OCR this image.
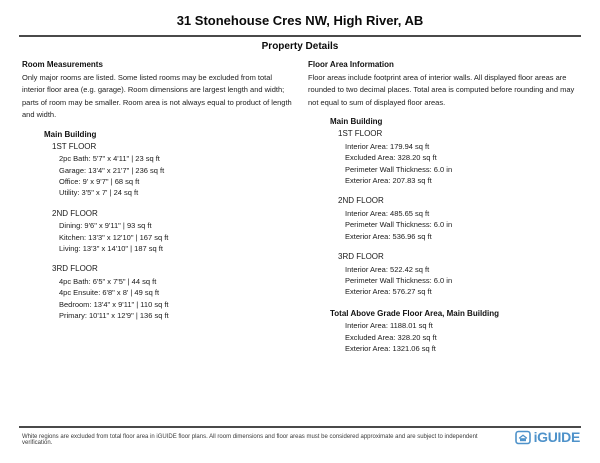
31 Stonehouse Cres NW, High River, AB
Property Details
Room Measurements
Only major rooms are listed. Some listed rooms may be excluded from total interior floor area (e.g. garage). Room dimensions are largest length and width; parts of room may be smaller. Room area is not always equal to product of length and width.
Main Building
1ST FLOOR
2pc Bath: 5'7" x 4'11" | 23 sq ft
Garage: 13'4" x 21'7" | 236 sq ft
Office: 9' x 9'7" | 68 sq ft
Utility: 3'5" x 7' | 24 sq ft
2ND FLOOR
Dining: 9'6" x 9'11" | 93 sq ft
Kitchen: 13'3" x 12'10" | 167 sq ft
Living: 13'3" x 14'10" | 187 sq ft
3RD FLOOR
4pc Bath: 6'5" x 7'5" | 44 sq ft
4pc Ensuite: 6'8" x 8' | 49 sq ft
Bedroom: 13'4" x 9'11" | 110 sq ft
Primary: 10'11" x 12'9" | 136 sq ft
Floor Area Information
Floor areas include footprint area of interior walls. All displayed floor areas are rounded to two decimal places. Total area is computed before rounding and may not equal to sum of displayed floor areas.
Main Building
1ST FLOOR
Interior Area: 179.94 sq ft
Excluded Area: 328.20 sq ft
Perimeter Wall Thickness: 6.0 in
Exterior Area: 207.83 sq ft
2ND FLOOR
Interior Area: 485.65 sq ft
Perimeter Wall Thickness: 6.0 in
Exterior Area: 536.96 sq ft
3RD FLOOR
Interior Area: 522.42 sq ft
Perimeter Wall Thickness: 6.0 in
Exterior Area: 576.27 sq ft
Total Above Grade Floor Area, Main Building
Interior Area: 1188.01 sq ft
Excluded Area: 328.20 sq ft
Exterior Area: 1321.06 sq ft
White regions are excluded from total floor area in iGUIDE floor plans. All room dimensions and floor areas must be considered approximate and are subject to independent verification.	iGUIDE
